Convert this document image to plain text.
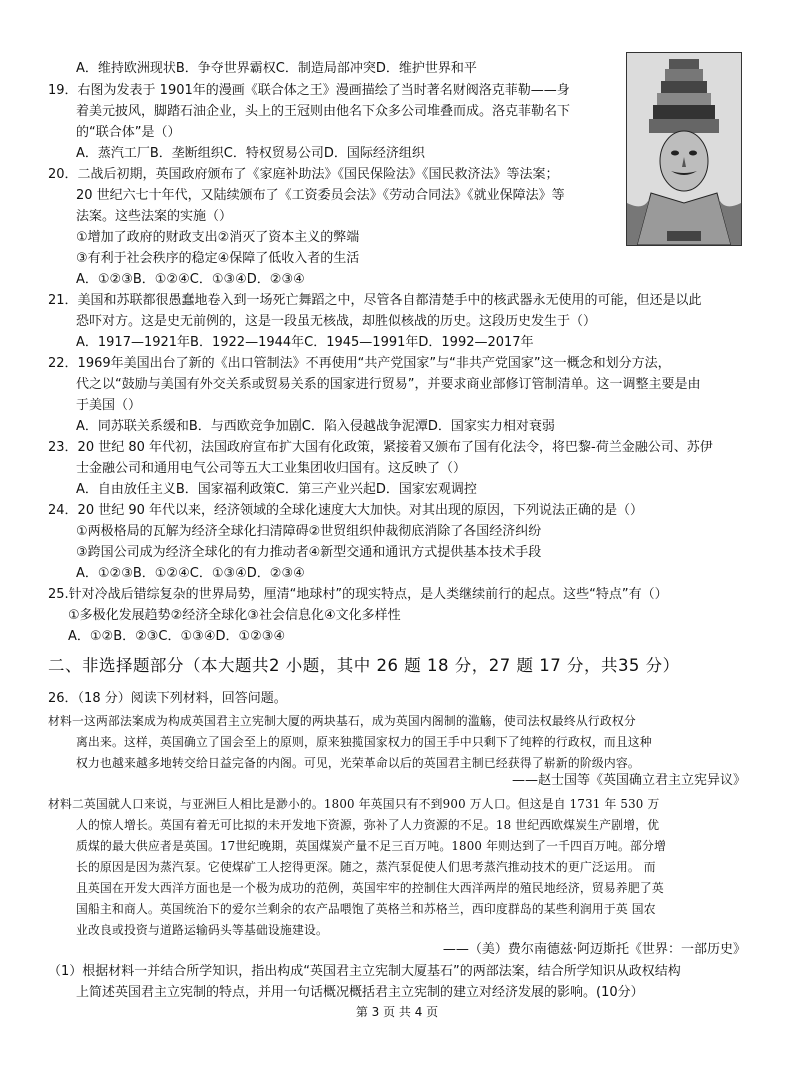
A．维持欧洲现状B．争夺世界霸权C．制造局部冲突D．维护世界和平
19．右图为发表于 1901年的漫画《联合体之王》漫画描绘了当时著名财阀洛克菲勒——身
着美元披风，脚踏石油企业，头上的王冠则由他名下众多公司堆叠而成。洛克菲勒名下
的“联合体”是（）
A．蒸汽工厂B．垄断组织C．特权贸易公司D．国际经济组织
20．二战后初期，英国政府颁布了《家庭补助法》《国民保险法》《国民救济法》等法案；
20 世纪六七十年代，又陆续颁布了《工资委员会法》《劳动合同法》《就业保障法》等
法案。这些法案的实施（）
①增加了政府的财政支出②消灭了资本主义的弊端
③有利于社会秩序的稳定④保障了低收入者的生活
A．①②③B．①②④C．①③④D．②③④
21．美国和苏联都很愚蠢地卷入到一场死亡舞蹈之中，尽管各自都清楚手中的核武器永无使用的可能，但还是以此
恐吓对方。这是史无前例的，这是一段虽无核战，却胜似核战的历史。这段历史发生于（）
A．1917—1921年B．1922—1944年C．1945—1991年D．1992—2017年
22．1969年美国出台了新的《出口管制法》不再使用“共产党国家”与“非共产党国家”这一概念和划分方法，
代之以“鼓励与美国有外交关系或贸易关系的国家进行贸易”，并要求商业部修订管制清单。这一调整主要是由
于美国（）
A．同苏联关系缓和B．与西欧竞争加剧C．陷入侵越战争泥潭D．国家实力相对衰弱
23．20 世纪 80 年代初，法国政府宣布扩大国有化政策，紧接着又颁布了国有化法令，将巴黎-荷兰金融公司、苏伊
士金融公司和通用电气公司等五大工业集团收归国有。这反映了（）
A．自由放任主义B．国家福利政策C．第三产业兴起D．国家宏观调控
24．20 世纪 90 年代以来，经济领域的全球化速度大大加快。对其出现的原因，下列说法正确的是（）
①两极格局的瓦解为经济全球化扫清障碍②世贸组织仲裁彻底消除了各国经济纠纷
③跨国公司成为经济全球化的有力推动者④新型交通和通讯方式提供基本技术手段
A．①②③B．①②④C．①③④D．②③④
25.针对冷战后错综复杂的世界局势，厘清“地球村”的现实特点，是人类继续前行的起点。这些“特点”有（）
①多极化发展趋势②经济全球化③社会信息化④文化多样性
A．①②B．②③C．①③④D．①②③④
二、非选择题部分（本大题共2 小题，其中 26 题 18 分，27 题 17 分，共35 分）
26．（18 分）阅读下列材料，回答问题。
材料一这两部法案成为构成英国君主立宪制大厦的两块基石，成为英国内阁制的滥觞，使司法权最终从行政权分
离出来。这样，英国确立了国会至上的原则，原来独揽国家权力的国王手中只剩下了纯粹的行政权，而且这种
权力也越来越多地转交给日益完备的内阁。可见，光荣革命以后的英国君主制已经获得了崭新的阶级内容。
——赵士国等《英国确立君主立宪异议》
材料二英国就人口来说，与亚洲巨人相比是渺小的。1800 年英国只有不到900 万人口。但这是自 1731 年 530 万
人的惊人增长。英国有着无可比拟的未开发地下资源，弥补了人力资源的不足。18 世纪西欧煤炭生产剧增，优
质煤的最大供应者是英国。17世纪晚期，英国煤炭产量不足三百万吨。1800 年则达到了一千四百万吨。部分增
长的原因是因为蒸汽泵。它使煤矿工人挖得更深。随之，蒸汽泵促使人们思考蒸汽推动技术的更广泛运用。 而
且英国在开发大西洋方面也是一个极为成功的范例，英国牢牢的控制住大西洋两岸的殖民地经济，贸易养肥了英
国船主和商人。英国统治下的爱尔兰剩余的农产品喂饱了英格兰和苏格兰，西印度群岛的某些利润用于英 国农
业改良或投资与道路运输码头等基础设施建设。
——（美）费尔南德兹·阿迈斯托《世界：一部历史》
（1）根据材料一并结合所学知识，指出构成“英国君主立宪制大厦基石”的两部法案，结合所学知识从政权结构
上简述英国君主立宪制的特点，并用一句话概况概括君主立宪制的建立对经济发展的影响。(10分）
第 3 页 共 4 页
